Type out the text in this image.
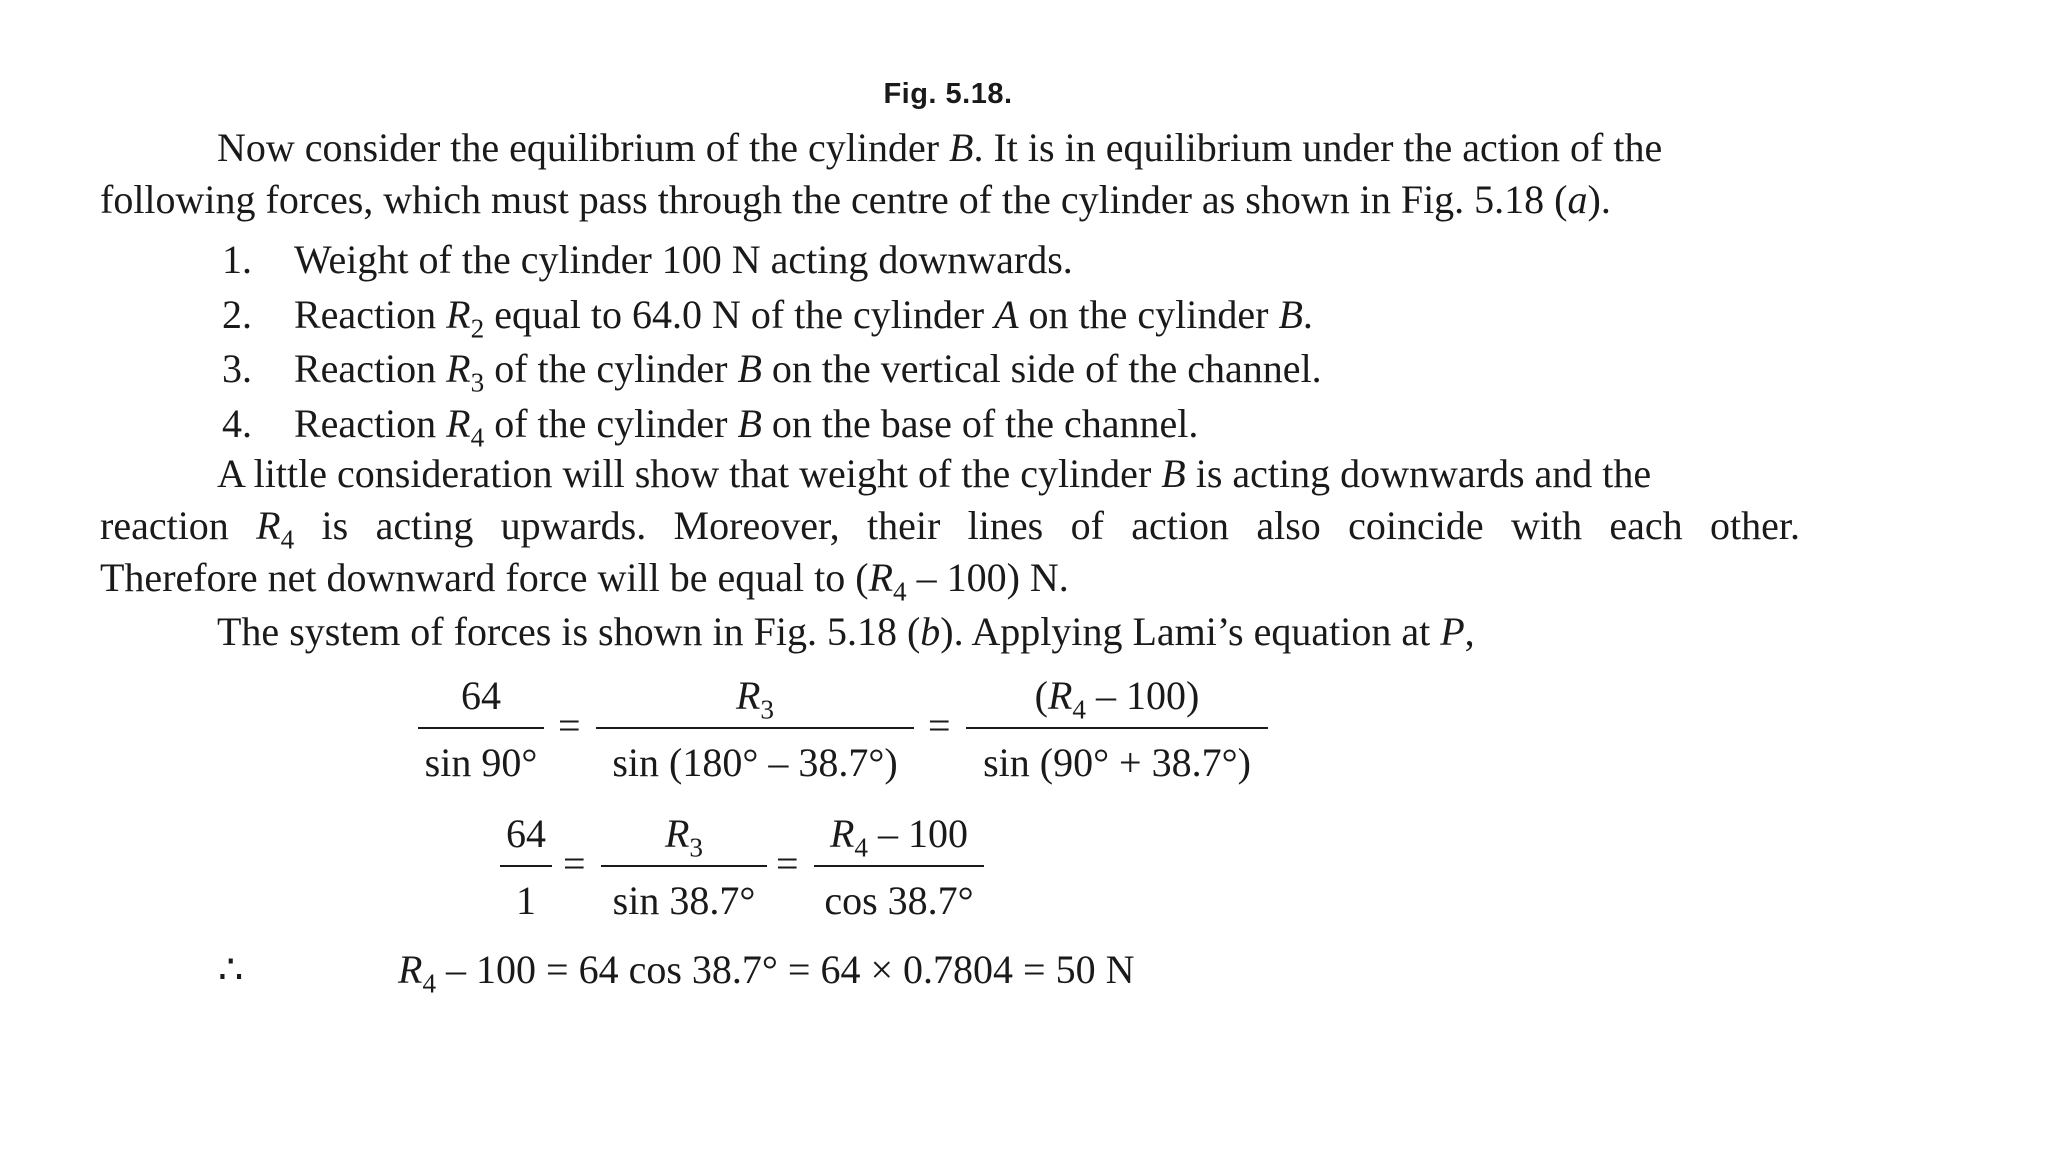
Fig. 5.18.
Now consider the equilibrium of the cylinder B. It is in equilibrium under the action of the
following forces, which must pass through the centre of the cylinder as shown in Fig. 5.18 (a).
1. Weight of the cylinder 100 N acting downwards.
2. Reaction $R_2$ equal to 64.0 N of the cylinder A on the cylinder B.
3. Reaction $R_3$ of the cylinder B on the vertical side of the channel.
4. Reaction $R_4$ of the cylinder B on the base of the channel.
A little consideration will show that weight of the cylinder B is acting downwards and the
reaction $R_4$ is acting upwards. Moreover, their lines of action also coincide with each other.
Therefore net downward force will be equal to $(R_4 - 100)$ N.
The system of forces is shown in Fig. 5.18 (b). Applying Lami’s equation at P,
64
sin 90°
=
$R_3$
sin (180° – 38.7°)
=
$(R_4 - 100)$
sin (90° + 38.7°)
64
1
=
$R_3$
sin 38.7°
=
$R_4 - 100$
cos 38.7°
∴	$R_4 - 100 = 64$ cos 38.7° = 64 × 0.7804 = 50 N
